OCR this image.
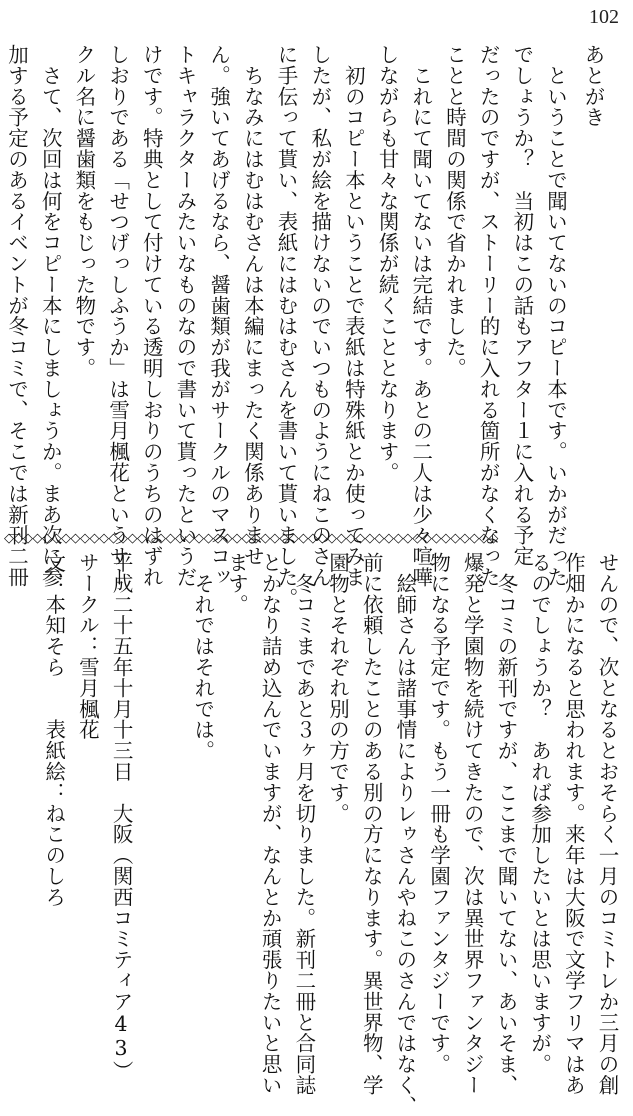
102
あとがき
　ということで聞いてないのコピー本です。いかがだった
でしょうか？　当初はこの話もアフター１に入れる予定
だったのですが、ストーリー的に入れる箇所がなくなった
ことと時間の関係で省かれました。
　これにて聞いてないは完結です。あとの二人は少々喧嘩
しながらも甘々な関係が続くこととなります。
　初のコピー本ということで表紙は特殊紙とか使ってみま
したが、私が絵を描けないのでいつものようにねこのさん
に手伝って貰い、表紙にはむはむさんを書いて貰いました。
　ちなみにはむはむさんは本編にまったく関係ありませ
ん。強いてあげるなら、醤歯類が我がサークルのマスコッ
トキャラクターみたいなものなので書いて貰ったというだ
けです。特典として付けている透明しおりのうちのはずれ
しおりである「せつげっしふうか」は雪月楓花というサー
クル名に醤歯類をもじった物です。
　さて、次回は何をコピー本にしましょうか。まあ次に参
加する予定のあるイベントが冬コミで、そこでは新刊二冊
◇◇◇◇◇◇◇◇◇◇◇◇◇◇◇◇◇◇◇◇◇◇◇◇◇◇◇◇◇◇◇◇◇◇◇◇◇◇◇◇◇◇◇◇◇◇◇◇◇◇◇◇
せんので、次となるとおそらく一月のコミトレか三月の創
作畑かになると思われます。来年は大阪で文学フリマはあ
るのでしょうか？　あれば参加したいとは思いますが。
　冬コミの新刊ですが、ここまで聞いてない、あいそま、
爆発と学園物を続けてきたので、次は異世界ファンタジー
物になる予定です。もう一冊も学園ファンタジーです。
　絵師さんは諸事情によりレゥさんやねこのさんではなく、
前に依頼したことのある別の方になります。異世界物、学
園物とそれぞれ別の方です。
　冬コミまであと３ヶ月を切りました。新刊二冊と合同誌
とかなり詰め込んでいますが、なんとか頑張りたいと思い
ます。
　それではそれでは。
平成二十五年十月十三日　大阪（関西コミティア43）
サークル：雪月楓花
文：本知そら　　表紙絵：ねこのしろ
